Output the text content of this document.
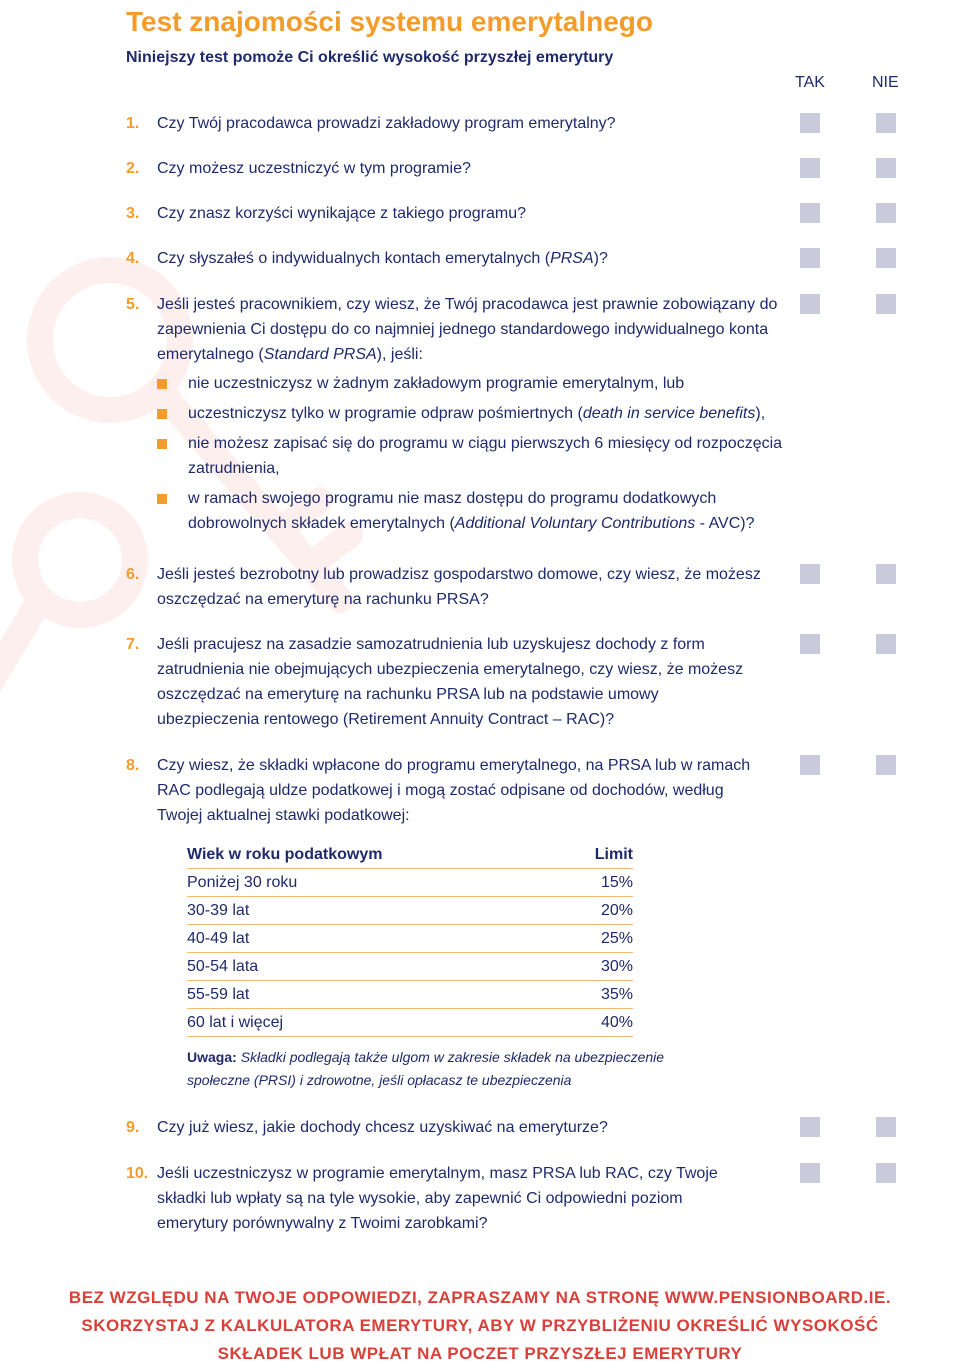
Test znajomości systemu emerytalnego
Niniejszy test pomoże Ci określić wysokość przyszłej emerytury
TAK	NIE
1. Czy Twój pracodawca prowadzi zakładowy program emerytalny?
2. Czy możesz uczestniczyć w tym programie?
3. Czy znasz korzyści wynikające z takiego programu?
4. Czy słyszałeś o indywidualnych kontach emerytalnych (PRSA)?
5. Jeśli jesteś pracownikiem, czy wiesz, że Twój pracodawca jest prawnie zobowiązany do zapewnienia Ci dostępu do co najmniej jednego standardowego indywidualnego konta emerytalnego (Standard PRSA), jeśli:
nie uczestniczysz w żadnym zakładowym programie emerytalnym, lub
uczestniczysz tylko w programie odpraw pośmiertnych (death in service benefits),
nie możesz zapisać się do programu w ciągu pierwszych 6 miesięcy od rozpoczęcia zatrudnienia,
w ramach swojego programu nie masz dostępu do programu dodatkowych dobrowolnych składek emerytalnych (Additional Voluntary Contributions - AVC)?
6. Jeśli jesteś bezrobotny lub prowadzisz gospodarstwo domowe, czy wiesz, że możesz oszczędzać na emeryturę na rachunku PRSA?
7. Jeśli pracujesz na zasadzie samozatrudnienia lub uzyskujesz dochody z form zatrudnienia nie obejmujących ubezpieczenia emerytalnego, czy wiesz, że możesz oszczędzać na emeryturę na rachunku PRSA lub na podstawie umowy ubezpieczenia rentowego (Retirement Annuity Contract – RAC)?
8. Czy wiesz, że składki wpłacone do programu emerytalnego, na PRSA lub w ramach RAC podlegają uldze podatkowej i mogą zostać odpisane od dochodów, według Twojej aktualnej stawki podatkowej:
Wiek w roku podatkowym	Limit
Poniżej 30 roku	15%
30-39 lat	20%
40-49 lat	25%
50-54 lata	30%
55-59 lat	35%
60 lat i więcej	40%
Uwaga: Składki podlegają także ulgom w zakresie składek na ubezpieczenie społeczne (PRSI) i zdrowotne, jeśli opłacasz te ubezpieczenia
9. Czy już wiesz, jakie dochody chcesz uzyskiwać na emeryturze?
10. Jeśli uczestniczysz w programie emerytalnym, masz PRSA lub RAC, czy Twoje składki lub wpłaty są na tyle wysokie, aby zapewnić Ci odpowiedni poziom emerytury porównywalny z Twoimi zarobkami?
BEZ WZGLĘDU NA TWOJE ODPOWIEDZI, ZAPRASZAMY NA STRONĘ WWW.PENSIONBOARD.IE.
SKORZYSTAJ Z KALKULATORA EMERYTURY, ABY W PRZYBLIŻENIU OKREŚLIĆ WYSOKOŚĆ
SKŁADEK LUB WPŁAT NA POCZET PRZYSZŁEJ EMERYTURY
